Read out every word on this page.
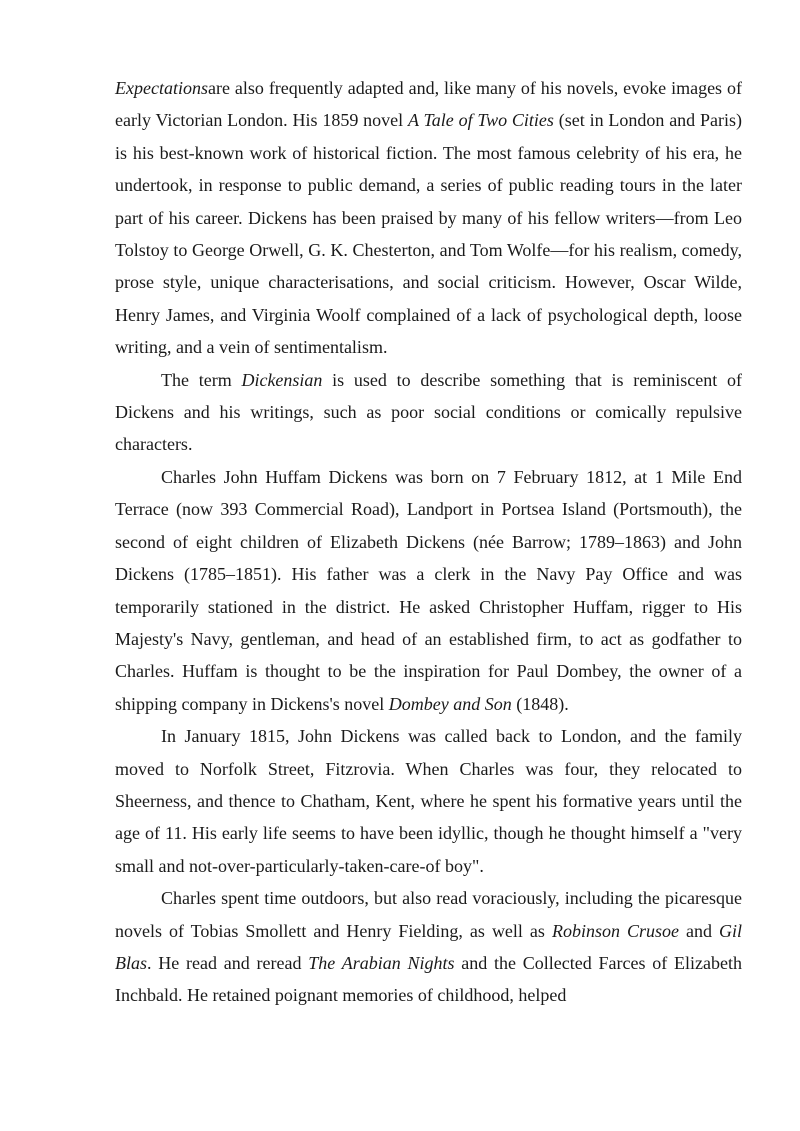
Expectationsare also frequently adapted and, like many of his novels, evoke images of early Victorian London. His 1859 novel A Tale of Two Cities (set in London and Paris) is his best-known work of historical fiction. The most famous celebrity of his era, he undertook, in response to public demand, a series of public reading tours in the later part of his career. Dickens has been praised by many of his fellow writers—from Leo Tolstoy to George Orwell, G. K. Chesterton, and Tom Wolfe—for his realism, comedy, prose style, unique characterisations, and social criticism. However, Oscar Wilde, Henry James, and Virginia Woolf complained of a lack of psychological depth, loose writing, and a vein of sentimentalism.

The term Dickensian is used to describe something that is reminiscent of Dickens and his writings, such as poor social conditions or comically repulsive characters.

Charles John Huffam Dickens was born on 7 February 1812, at 1 Mile End Terrace (now 393 Commercial Road), Landport in Portsea Island (Portsmouth), the second of eight children of Elizabeth Dickens (née Barrow; 1789–1863) and John Dickens (1785–1851). His father was a clerk in the Navy Pay Office and was temporarily stationed in the district. He asked Christopher Huffam, rigger to His Majesty's Navy, gentleman, and head of an established firm, to act as godfather to Charles. Huffam is thought to be the inspiration for Paul Dombey, the owner of a shipping company in Dickens's novel Dombey and Son (1848).

In January 1815, John Dickens was called back to London, and the family moved to Norfolk Street, Fitzrovia. When Charles was four, they relocated to Sheerness, and thence to Chatham, Kent, where he spent his formative years until the age of 11. His early life seems to have been idyllic, though he thought himself a "very small and not-over-particularly-taken-care-of boy".

Charles spent time outdoors, but also read voraciously, including the picaresque novels of Tobias Smollett and Henry Fielding, as well as Robinson Crusoe and Gil Blas. He read and reread The Arabian Nights and the Collected Farces of Elizabeth Inchbald. He retained poignant memories of childhood, helped
